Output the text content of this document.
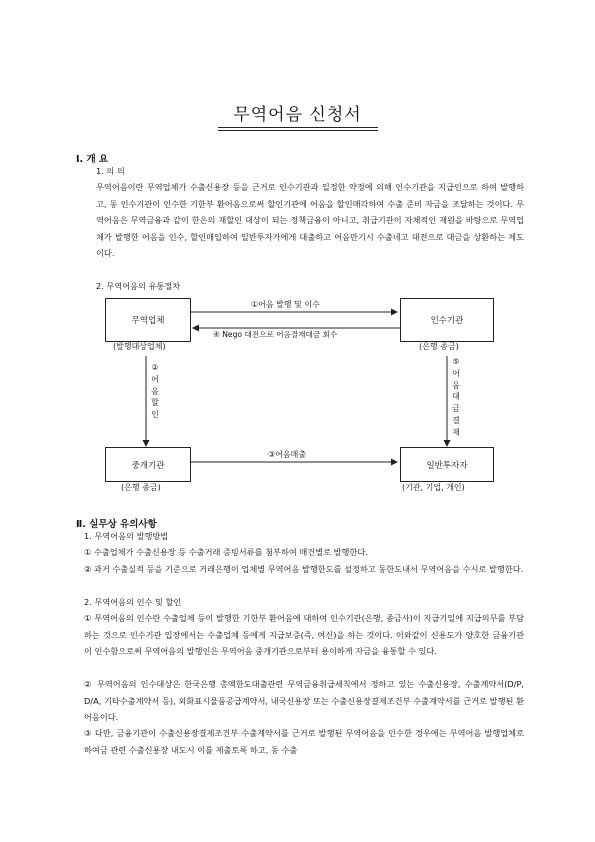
무역어음 신청서
Ⅰ. 개 요
1. 의 의
무역어음이란 무역업체가 수출신용장 등을 근거로 인수기관과 일정한 약정에 의해 인수기관을 지급인으로 하여 발행하고, 동 인수기관이 인수한 기한부 환어음으로써 할인기관에 어음을 할인매각하여 수출 준비 자금을 조달하는 것이다. 무역어음은 무역금융과 같이 한은의 재할인 대상이 되는 정책금융이 아니고, 취급기관이 자체적인 재원을 바탕으로 무역업체가 발행한 어음을 인수, 할인매입하여 일반투자가에게 대출하고 어음만기시 수출네고 대전으로 대금을 상환하는 제도이다.
2. 무역어음의 유통절차
무역업체	인수기관
중개기관	일반투자자
(발행대상업체)	(은행 종금)
(은행 종금)	(기관, 기업, 개인)
①어음 발행 및 이수
④ Nego 대전으로 어음결재대금 회수
② 어 음 할 인
③어음매출
⑤ 어 음 대 금 결 재
Ⅱ. 실무상 유의사항
1. 무역어음의 발행방법
① 수출업체가 수출신용장 등 수출거래 증빙서류를 첨부하여 매건별로 발행한다.
② 과거 수출실적 등을 기준으로 거래은행이 업체별 무역어음 발행한도를 설정하고 동한도내서 무역어음을 수시로 발행한다.
2. 무역어음의 인수 및 할인
① 무역어음의 인수란 수출업체 등이 발행한 기한부 환어음에 대하여 인수기관(은행, 종금사)이 지급기일에 지급의무를 부담하는 것으로 인수기관 입장에서는 수출업체 등에게 지급보증(즉, 여신)을 하는 것이다. 이와같이 신용도가 양호한 금융기관이 인수함으로써 무역어음의 발행인은 무역어음 중개기관으로부터 용이하게 자금을 융통할 수 있다.
② 무역어음의 인수대상은 한국은행 총액한도대출관련 무역금융취급세칙에서 정하고 있는 수출신용장, 수출계약서(D/P, D/A, 기타수출계약서 등), 외화표시물품공급계약서, 내국신용장 또는 수출신용장결제조건부 수출계약서를 근거로 발행된 환어음이다.
③ 다만, 금융기관이 수출신용장결제조건부 수출계약서를 근거로 발행된 무역어음을 인수한 경우에는 무역어음 발행업체로 하여금 관련 수출신용장 내도시 이를 제출토록 하고, 동 수출
